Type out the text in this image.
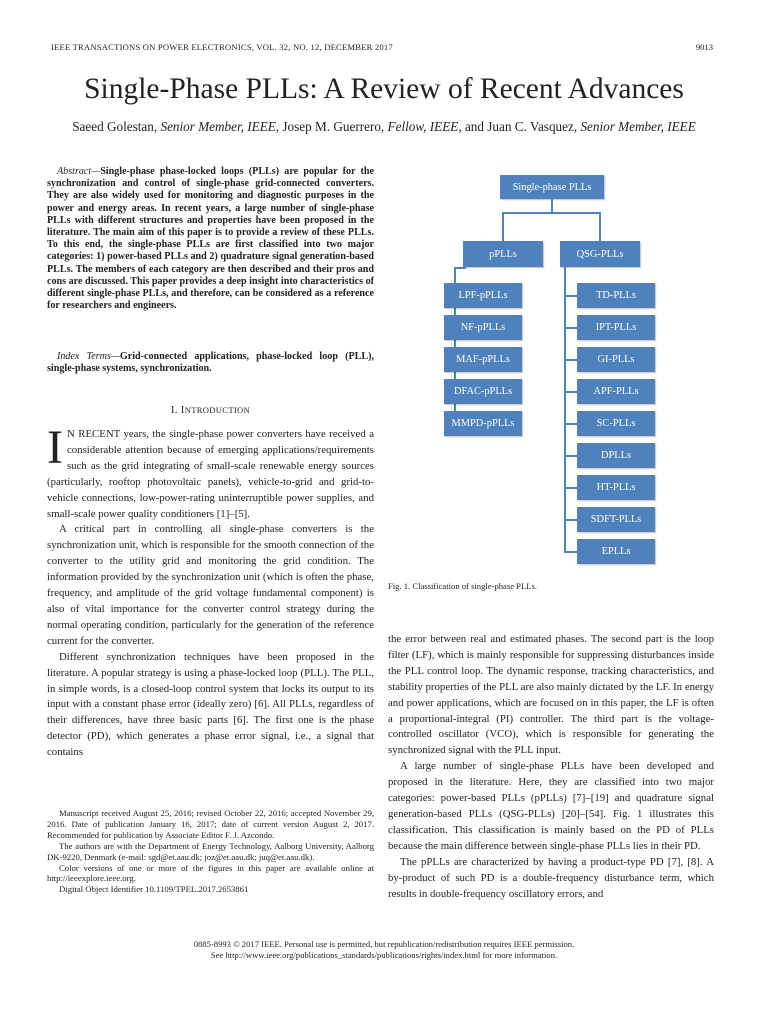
IEEE TRANSACTIONS ON POWER ELECTRONICS, VOL. 32, NO. 12, DECEMBER 2017	9013
Single-Phase PLLs: A Review of Recent Advances
Saeed Golestan, Senior Member, IEEE, Josep M. Guerrero, Fellow, IEEE, and Juan C. Vasquez, Senior Member, IEEE
Abstract—Single-phase phase-locked loops (PLLs) are popular for the synchronization and control of single-phase grid-connected converters. They are also widely used for monitoring and diagnostic purposes in the power and energy areas. In recent years, a large number of single-phase PLLs with different structures and properties have been proposed in the literature. The main aim of this paper is to provide a review of these PLLs. To this end, the single-phase PLLs are first classified into two major categories: 1) power-based PLLs and 2) quadrature signal generation-based PLLs. The members of each category are then described and their pros and cons are discussed. This paper provides a deep insight into characteristics of different single-phase PLLs, and therefore, can be considered as a reference for researchers and engineers.
Index Terms—Grid-connected applications, phase-locked loop (PLL), single-phase systems, synchronization.
I. INTRODUCTION

I N RECENT years, the single-phase power converters have received a considerable attention because of emerging applications/requirements such as the grid integrating of small-scale renewable energy sources (particularly, rooftop photovoltaic panels), vehicle-to-grid and grid-to-vehicle connections, low-power-rating uninterruptible power supplies, and small-scale power quality conditioners [1]–[5].

A critical part in controlling all single-phase converters is the synchronization unit, which is responsible for the smooth connection of the converter to the utility grid and monitoring the grid condition. The information provided by the synchronization unit (which is often the phase, frequency, and amplitude of the grid voltage fundamental component) is also of vital importance for the converter control strategy during the normal operating condition, particularly for the generation of the reference current for the converter.

Different synchronization techniques have been proposed in the literature. A popular strategy is using a phase-locked loop (PLL). The PLL, in simple words, is a closed-loop control system that locks its output to its input with a constant phase error (ideally zero) [6]. All PLLs, regardless of their differences, have three basic parts [6]. The first one is the phase detector (PD), which generates a phase error signal, i.e., a signal that contains

Manuscript received August 25, 2016; revised October 22, 2016; accepted November 29, 2016. Date of publication January 16, 2017; date of current version August 2, 2017. Recommended for publication by Associate Editor F. J. Azcondo.

The authors are with the Department of Energy Technology, Aalborg University, Aalborg DK-9220, Denmark (e-mail: sgd@et.aau.dk; joz@et.aau.dk; juq@et.aau.dk).

Color versions of one or more of the figures in this paper are available online at http://ieeexplore.ieee.org.

Digital Object Identifier 10.1109/TPEL.2017.2653861

Single-phase PLLs
pPLLs	QSG-PLLs
LPF-pPLLs
NF-pPLLs
MAF-pPLLs
DFAC-pPLLs
MMPD-pPLLs
TD-PLLs
IPT-PLLs
GI-PLLs
APF-PLLs
SC-PLLs
DPLLs
HT-PLLs
SDFT-PLLs
EPLLs
Fig. 1. Classification of single-phase PLLs.

the error between real and estimated phases. The second part is the loop filter (LF), which is mainly responsible for suppressing disturbances inside the PLL control loop. The dynamic response, tracking characteristics, and stability properties of the PLL are also mainly dictated by the LF. In energy and power applications, which are focused on in this paper, the LF is often a proportional-integral (PI) controller. The third part is the voltage-controlled oscillator (VCO), which is responsible for generating the synchronized signal with the PLL input.

A large number of single-phase PLLs have been developed and proposed in the literature. Here, they are classified into two major categories: power-based PLLs (pPLLs) [7]–[19] and quadrature signal generation-based PLLs (QSG-PLLs) [20]–[54]. Fig. 1 illustrates this classification. This classification is mainly based on the PD of PLLs because the main difference between single-phase PLLs lies in their PD.

The pPLLs are characterized by having a product-type PD [7], [8]. A by-product of such PD is a double-frequency disturbance term, which results in double-frequency oscillatory errors, and

0885-8993 © 2017 IEEE. Personal use is permitted, but republication/redistribution requires IEEE permission.
See http://www.ieee.org/publications_standards/publications/rights/index.html for more information.
